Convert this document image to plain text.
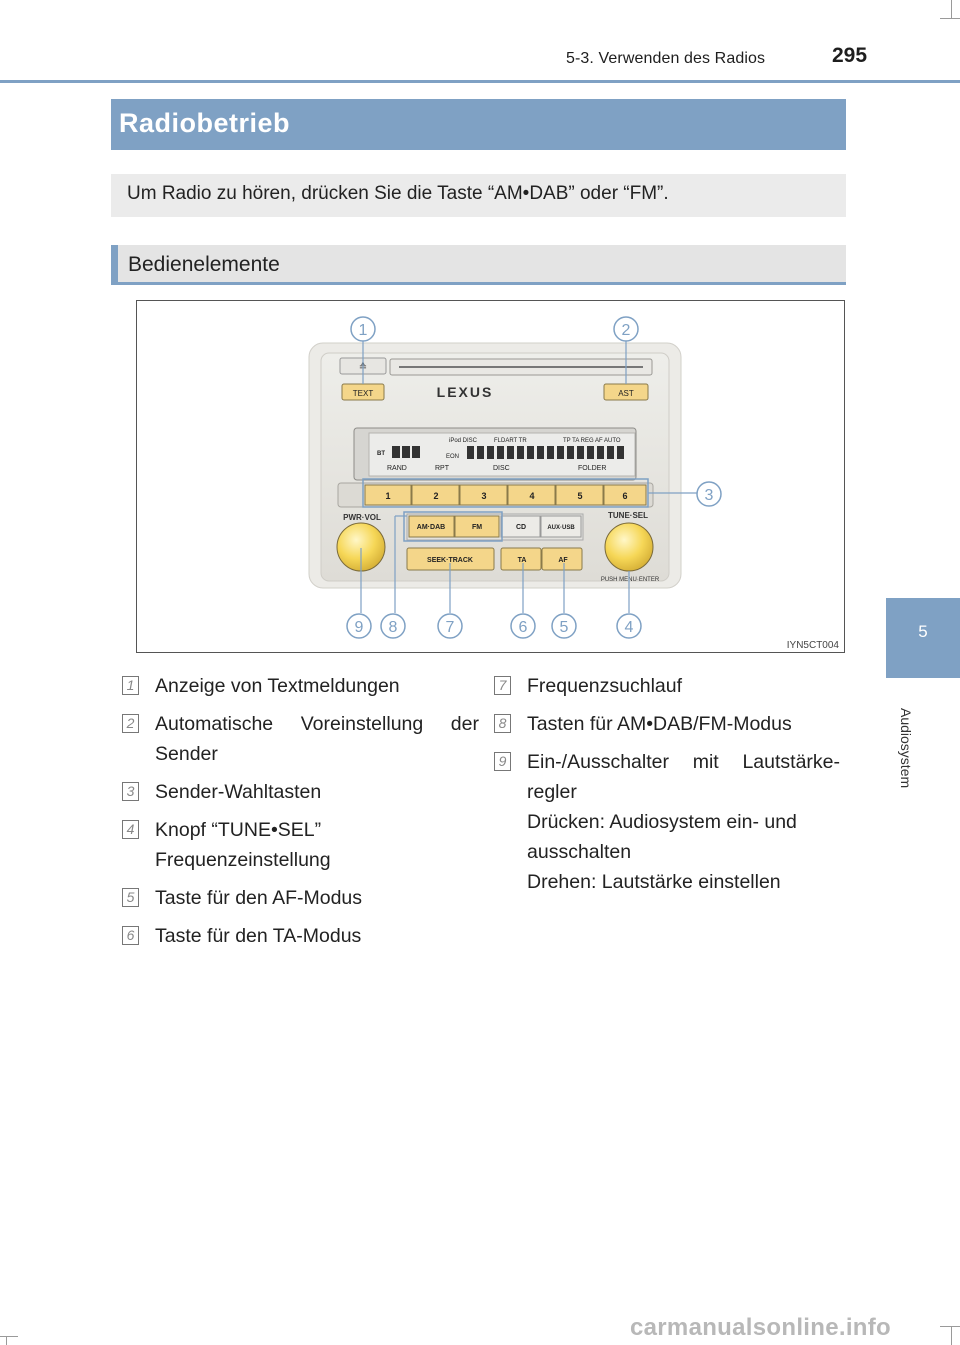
5-3. Verwenden des Radios	295
5
Audiosystem
Radiobetrieb
Um Radio zu hören, drücken Sie die Taste “AM•DAB” oder “FM”.
Bedienelemente
≜
TEXT	LEXUS	AST
iPod DISC	FLDART TR	TP TA REG AF AUTO
BT	EON
RAND	RPT	DISC	FOLDER
1	2	3	4	5	6
PWR·VOL	TUNE·SEL
PUSH MENU·ENTER
AM·DAB	FM	CD	AUX·USB
SEEK·TRACK	TA	AF
1	2
3
4
5
6
7
8
9
IYN5CT004
1 Anzeige von Textmeldungen
2 Automatische Voreinstellung der
Sender
3 Sender-Wahltasten
4 Knopf “TUNE•SEL”
Frequenzeinstellung
5 Taste für den AF-Modus
6 Taste für den TA-Modus
7 Frequenzsuchlauf
8 Tasten für AM•DAB/FM-Modus
9 Ein-/Ausschalter mit Lautstärke-
regler
Drücken: Audiosystem ein- und
ausschalten
Drehen: Lautstärke einstellen
carmanualsonline.info
